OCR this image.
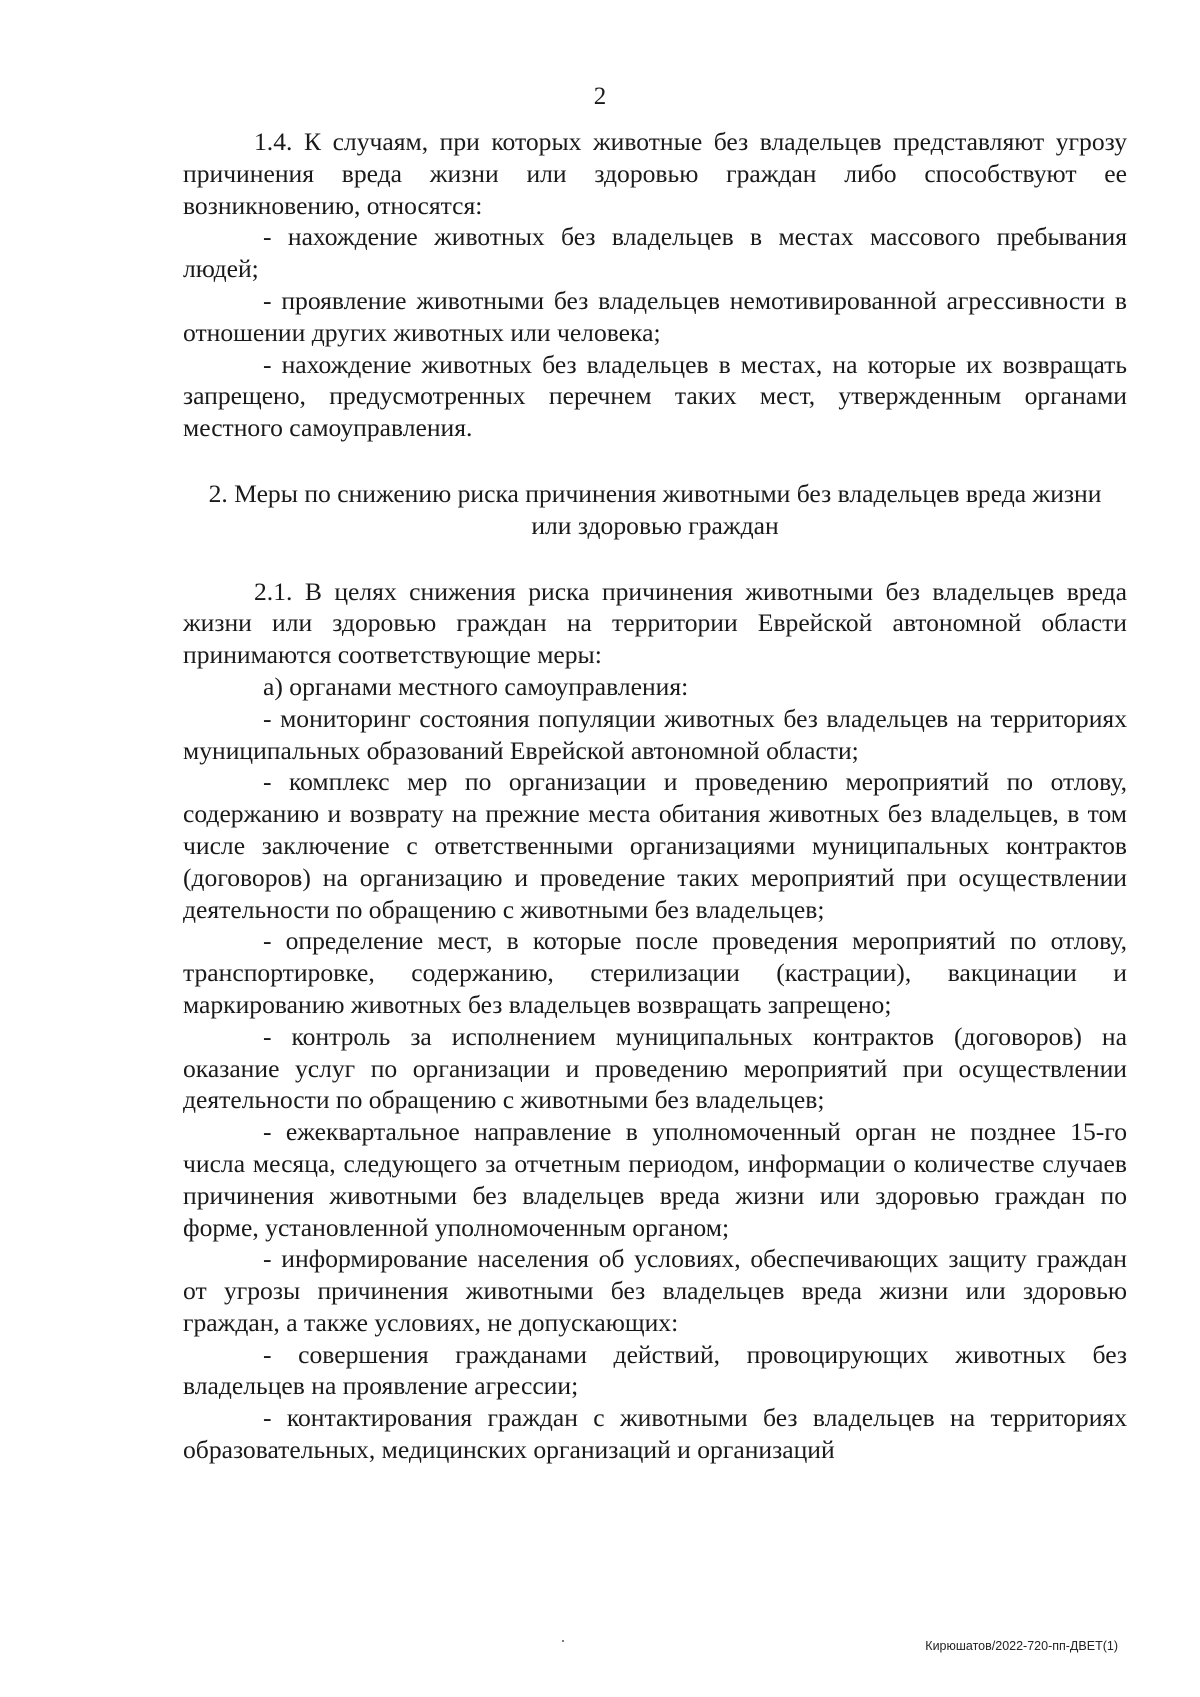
2

1.4. К случаям, при которых животные без владельцев представляют угрозу причинения вреда жизни или здоровью граждан либо способствуют ее возникновению, относятся:

- нахождение животных без владельцев в местах массового пребывания людей;

- проявление животными без владельцев немотивированной агрессивности в отношении других животных или человека;

- нахождение животных без владельцев в местах, на которые их возвращать запрещено, предусмотренных перечнем таких мест, утвержденным органами местного самоуправления.

2. Меры по снижению риска причинения животными без владельцев вреда жизни или здоровью граждан

2.1. В целях снижения риска причинения животными без владельцев вреда жизни или здоровью граждан на территории Еврейской автономной области принимаются соответствующие меры:

а) органами местного самоуправления:

- мониторинг состояния популяции животных без владельцев на территориях муниципальных образований Еврейской автономной области;

- комплекс мер по организации и проведению мероприятий по отлову, содержанию и возврату на прежние места обитания животных без владельцев, в том числе заключение с ответственными организациями муниципальных контрактов (договоров) на организацию и проведение таких мероприятий при осуществлении деятельности по обращению с животными без владельцев;

- определение мест, в которые после проведения мероприятий по отлову, транспортировке, содержанию, стерилизации (кастрации), вакцинации и маркированию животных без владельцев возвращать запрещено;

- контроль за исполнением муниципальных контрактов (договоров) на оказание услуг по организации и проведению мероприятий при осуществлении деятельности по обращению с животными без владельцев;

- ежеквартальное направление в уполномоченный орган не позднее 15-го числа месяца, следующего за отчетным периодом, информации о количестве случаев причинения животными без владельцев вреда жизни или здоровью граждан по форме, установленной уполномоченным органом;

- информирование населения об условиях, обеспечивающих защиту граждан от угрозы причинения животными без владельцев вреда жизни или здоровью граждан, а также условиях, не допускающих:

- совершения гражданами действий, провоцирующих животных без владельцев на проявление агрессии;

- контактирования граждан с животными без владельцев на территориях образовательных, медицинских организаций и организаций

Кирюшатов/2022-720-пп-ДВЕТ(1)
